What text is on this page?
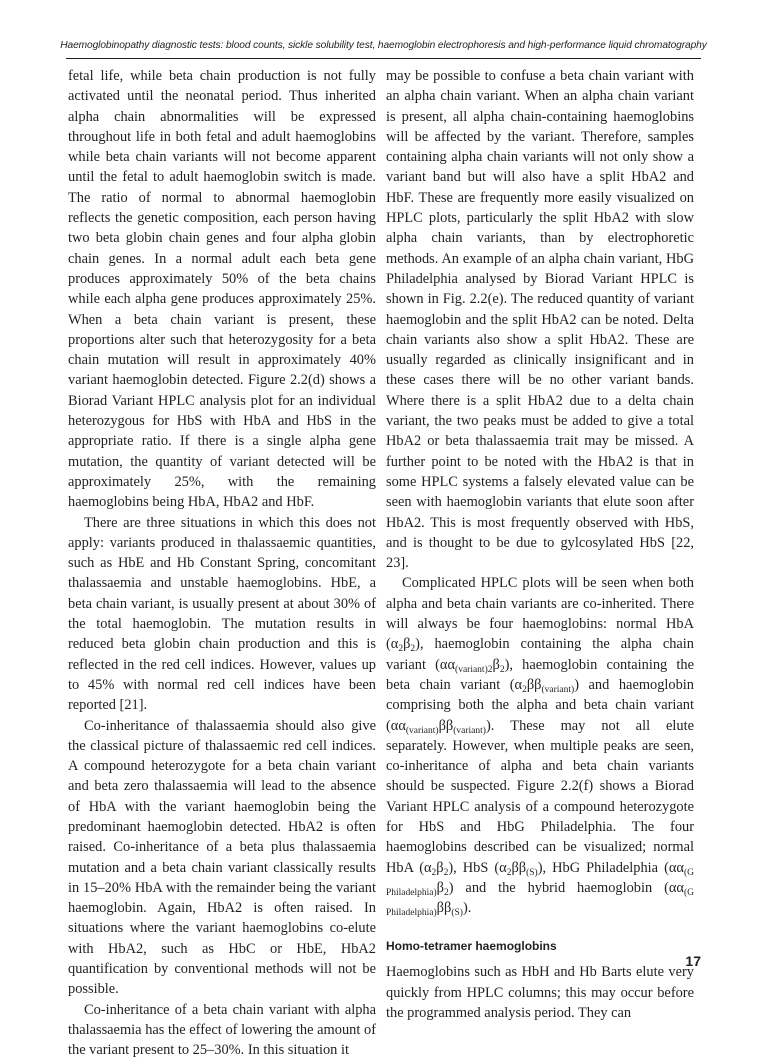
Haemoglobinopathy diagnostic tests: blood counts, sickle solubility test, haemoglobin electrophoresis and high-performance liquid chromatography

fetal life, while beta chain production is not fully activated until the neonatal period. Thus inherited alpha chain abnormalities will be expressed throughout life in both fetal and adult haemoglobins while beta chain variants will not become apparent until the fetal to adult haemoglobin switch is made. The ratio of normal to abnormal haemoglobin reflects the genetic composition, each person having two beta globin chain genes and four alpha globin chain genes. In a normal adult each beta gene produces approximately 50% of the beta chains while each alpha gene produces approximately 25%. When a beta chain variant is present, these proportions alter such that heterozygosity for a beta chain mutation will result in approximately 40% variant haemoglobin detected. Figure 2.2(d) shows a Biorad Variant HPLC analysis plot for an individual heterozygous for HbS with HbA and HbS in the appropriate ratio. If there is a single alpha gene mutation, the quantity of variant detected will be approximately 25%, with the remaining haemoglobins being HbA, HbA2 and HbF.

There are three situations in which this does not apply: variants produced in thalassaemic quantities, such as HbE and Hb Constant Spring, concomitant thalassaemia and unstable haemoglobins. HbE, a beta chain variant, is usually present at about 30% of the total haemoglobin. The mutation results in reduced beta globin chain production and this is reflected in the red cell indices. However, values up to 45% with normal red cell indices have been reported [21].

Co-inheritance of thalassaemia should also give the classical picture of thalassaemic red cell indices. A compound heterozygote for a beta chain variant and beta zero thalassaemia will lead to the absence of HbA with the variant haemoglobin being the predominant haemoglobin detected. HbA2 is often raised. Co-inheritance of a beta plus thalassaemia mutation and a beta chain variant classically results in 15–20% HbA with the remainder being the variant haemoglobin. Again, HbA2 is often raised. In situations where the variant haemoglobins co-elute with HbA2, such as HbC or HbE, HbA2 quantification by conventional methods will not be possible.

Co-inheritance of a beta chain variant with alpha thalassaemia has the effect of lowering the amount of the variant present to 25–30%. In this situation it

may be possible to confuse a beta chain variant with an alpha chain variant. When an alpha chain variant is present, all alpha chain-containing haemoglobins will be affected by the variant. Therefore, samples containing alpha chain variants will not only show a variant band but will also have a split HbA2 and HbF. These are frequently more easily visualized on HPLC plots, particularly the split HbA2 with slow alpha chain variants, than by electrophoretic methods. An example of an alpha chain variant, HbG Philadelphia analysed by Biorad Variant HPLC is shown in Fig. 2.2(e). The reduced quantity of variant haemoglobin and the split HbA2 can be noted. Delta chain variants also show a split HbA2. These are usually regarded as clinically insignificant and in these cases there will be no other variant bands. Where there is a split HbA2 due to a delta chain variant, the two peaks must be added to give a total HbA2 or beta thalassaemia trait may be missed. A further point to be noted with the HbA2 is that in some HPLC systems a falsely elevated value can be seen with haemoglobin variants that elute soon after HbA2. This is most frequently observed with HbS, and is thought to be due to gylcosylated HbS [22, 23].

Complicated HPLC plots will be seen when both alpha and beta chain variants are co-inherited. There will always be four haemoglobins: normal HbA $(\alpha_2\beta_2)$, haemoglobin containing the alpha chain variant $(\alpha\alpha_{(variant)2}\beta_2)$, haemoglobin containing the beta chain variant $(\alpha_2\beta\beta_{(variant)})$ and haemoglobin comprising both the alpha and beta chain variant $(\alpha\alpha_{(variant)}\beta\beta_{(variant)})$. These may not all elute separately. However, when multiple peaks are seen, co-inheritance of alpha and beta chain variants should be suspected. Figure 2.2(f) shows a Biorad Variant HPLC analysis of a compound heterozygote for HbS and HbG Philadelphia. The four haemoglobins described can be visualized; normal HbA $(\alpha_2\beta_2)$, HbS $(\alpha_2\beta\beta_{(S)})$, HbG Philadelphia $(\alpha\alpha_{(G Philadelphia)}\beta_2)$ and the hybrid haemoglobin $(\alpha\alpha_{(G Philadelphia)}\beta\beta_{(S)})$.

Homo-tetramer haemoglobins

Haemoglobins such as HbH and Hb Barts elute very quickly from HPLC columns; this may occur before the programmed analysis period. They can

17
